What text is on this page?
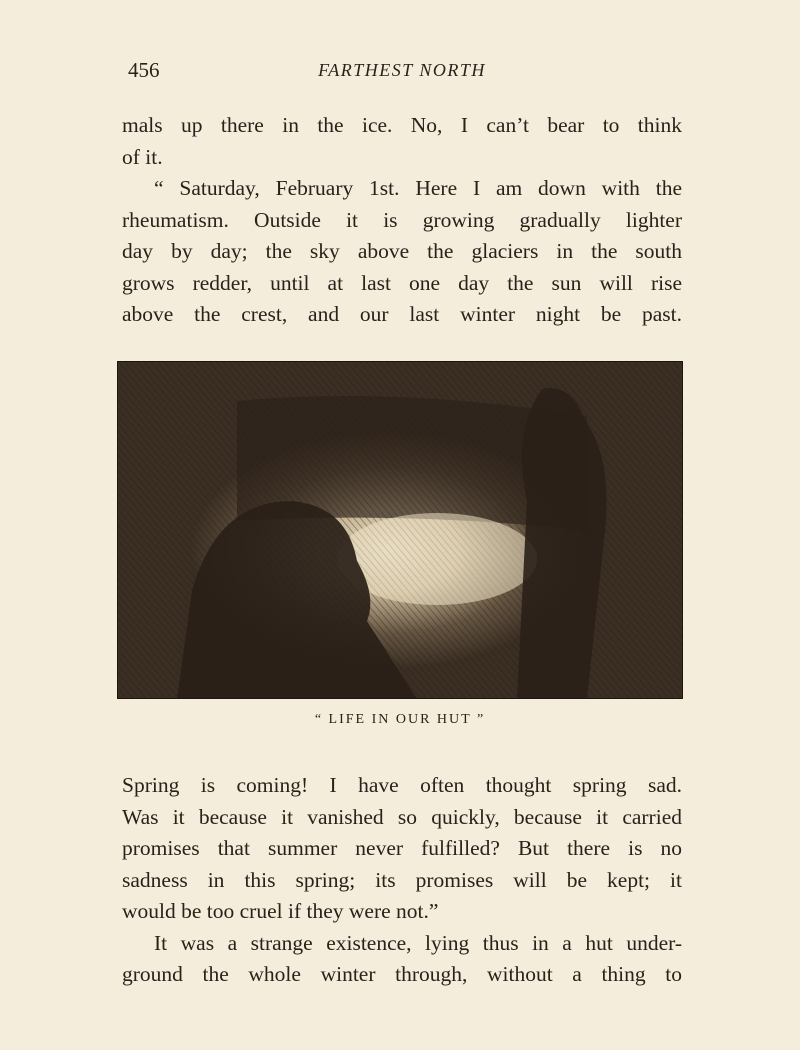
456	FARTHEST NORTH

mals up there in the ice. No, I can’t bear to think
of it.

“ Saturday, February 1st. Here I am down with the

rheumatism. Outside it is growing gradually lighter
day by day; the sky above the glaciers in the south
grows redder, until at last one day the sun will rise
above the crest, and our last winter night be past.

“ LIFE IN OUR HUT ”

Spring is coming! I have often thought spring sad.
Was it because it vanished so quickly, because it carried
promises that summer never fulfilled? But there is no
sadness in this spring; its promises will be kept; it
would be too cruel if they were not.”

It was a strange existence, lying thus in a hut under-

ground the whole winter through, without a thing to
